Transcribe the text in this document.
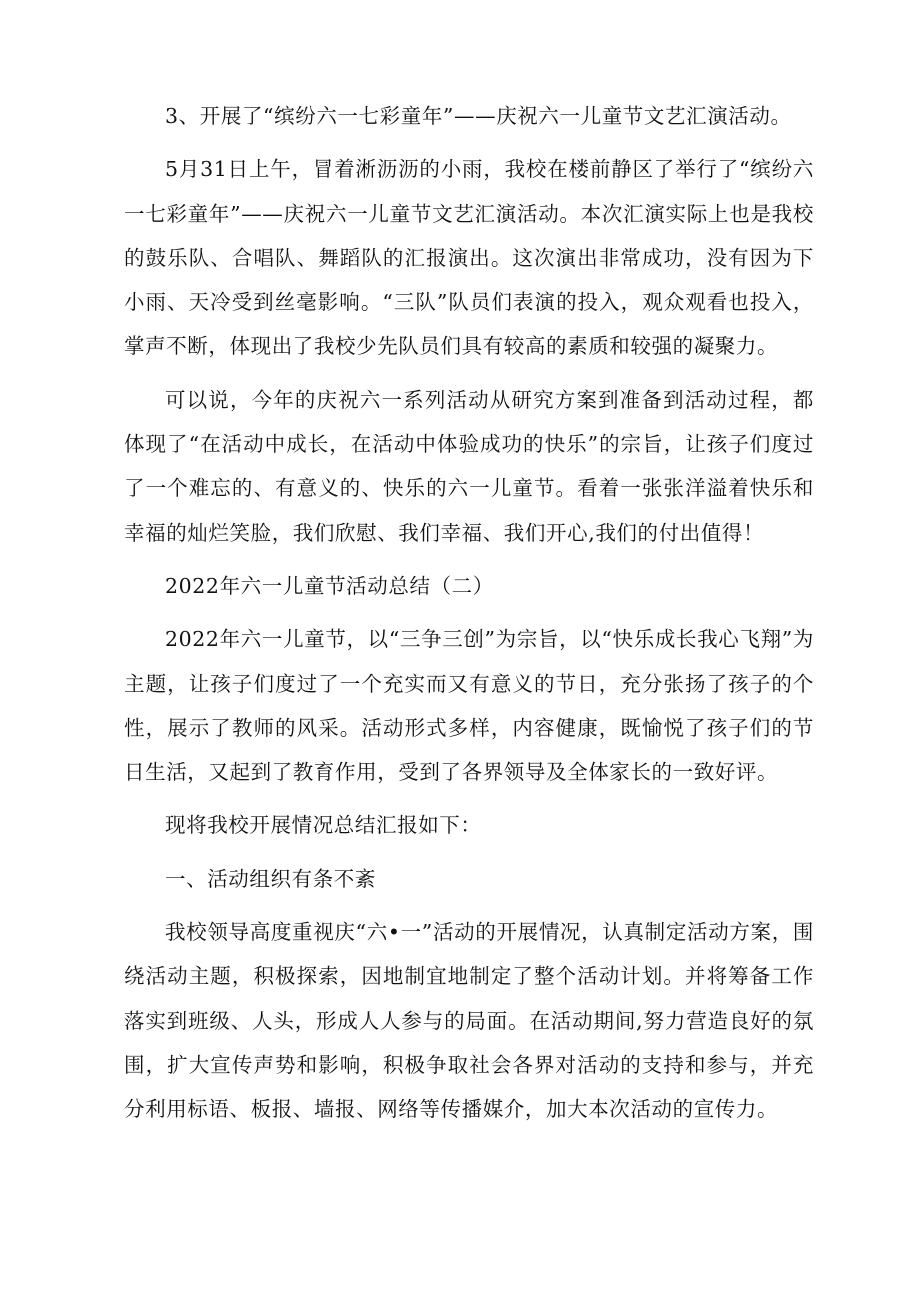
3、开展了“缤纷六一七彩童年”——庆祝六一儿童节文艺汇演活动。

5月31日上午，冒着淅沥沥的小雨，我校在楼前静区了举行了“缤纷六一七彩童年”——庆祝六一儿童节文艺汇演活动。本次汇演实际上也是我校的鼓乐队、合唱队、舞蹈队的汇报演出。这次演出非常成功，没有因为下小雨、天冷受到丝毫影响。“三队”队员们表演的投入，观众观看也投入，掌声不断，体现出了我校少先队员们具有较高的素质和较强的凝聚力。

可以说，今年的庆祝六一系列活动从研究方案到准备到活动过程，都体现了“在活动中成长，在活动中体验成功的快乐”的宗旨，让孩子们度过了一个难忘的、有意义的、快乐的六一儿童节。看着一张张洋溢着快乐和幸福的灿烂笑脸，我们欣慰、我们幸福、我们开心,我们的付出值得！

2022年六一儿童节活动总结（二）

2022年六一儿童节，以“三争三创”为宗旨，以“快乐成长我心飞翔”为主题，让孩子们度过了一个充实而又有意义的节日，充分张扬了孩子的个性，展示了教师的风采。活动形式多样，内容健康，既愉悦了孩子们的节日生活，又起到了教育作用，受到了各界领导及全体家长的一致好评。

现将我校开展情况总结汇报如下：

一、活动组织有条不紊

我校领导高度重视庆“六•一”活动的开展情况，认真制定活动方案，围绕活动主题，积极探索，因地制宜地制定了整个活动计划。并将筹备工作落实到班级、人头，形成人人参与的局面。在活动期间,努力营造良好的氛围，扩大宣传声势和影响，积极争取社会各界对活动的支持和参与，并充分利用标语、板报、墙报、网络等传播媒介，加大本次活动的宣传力。
